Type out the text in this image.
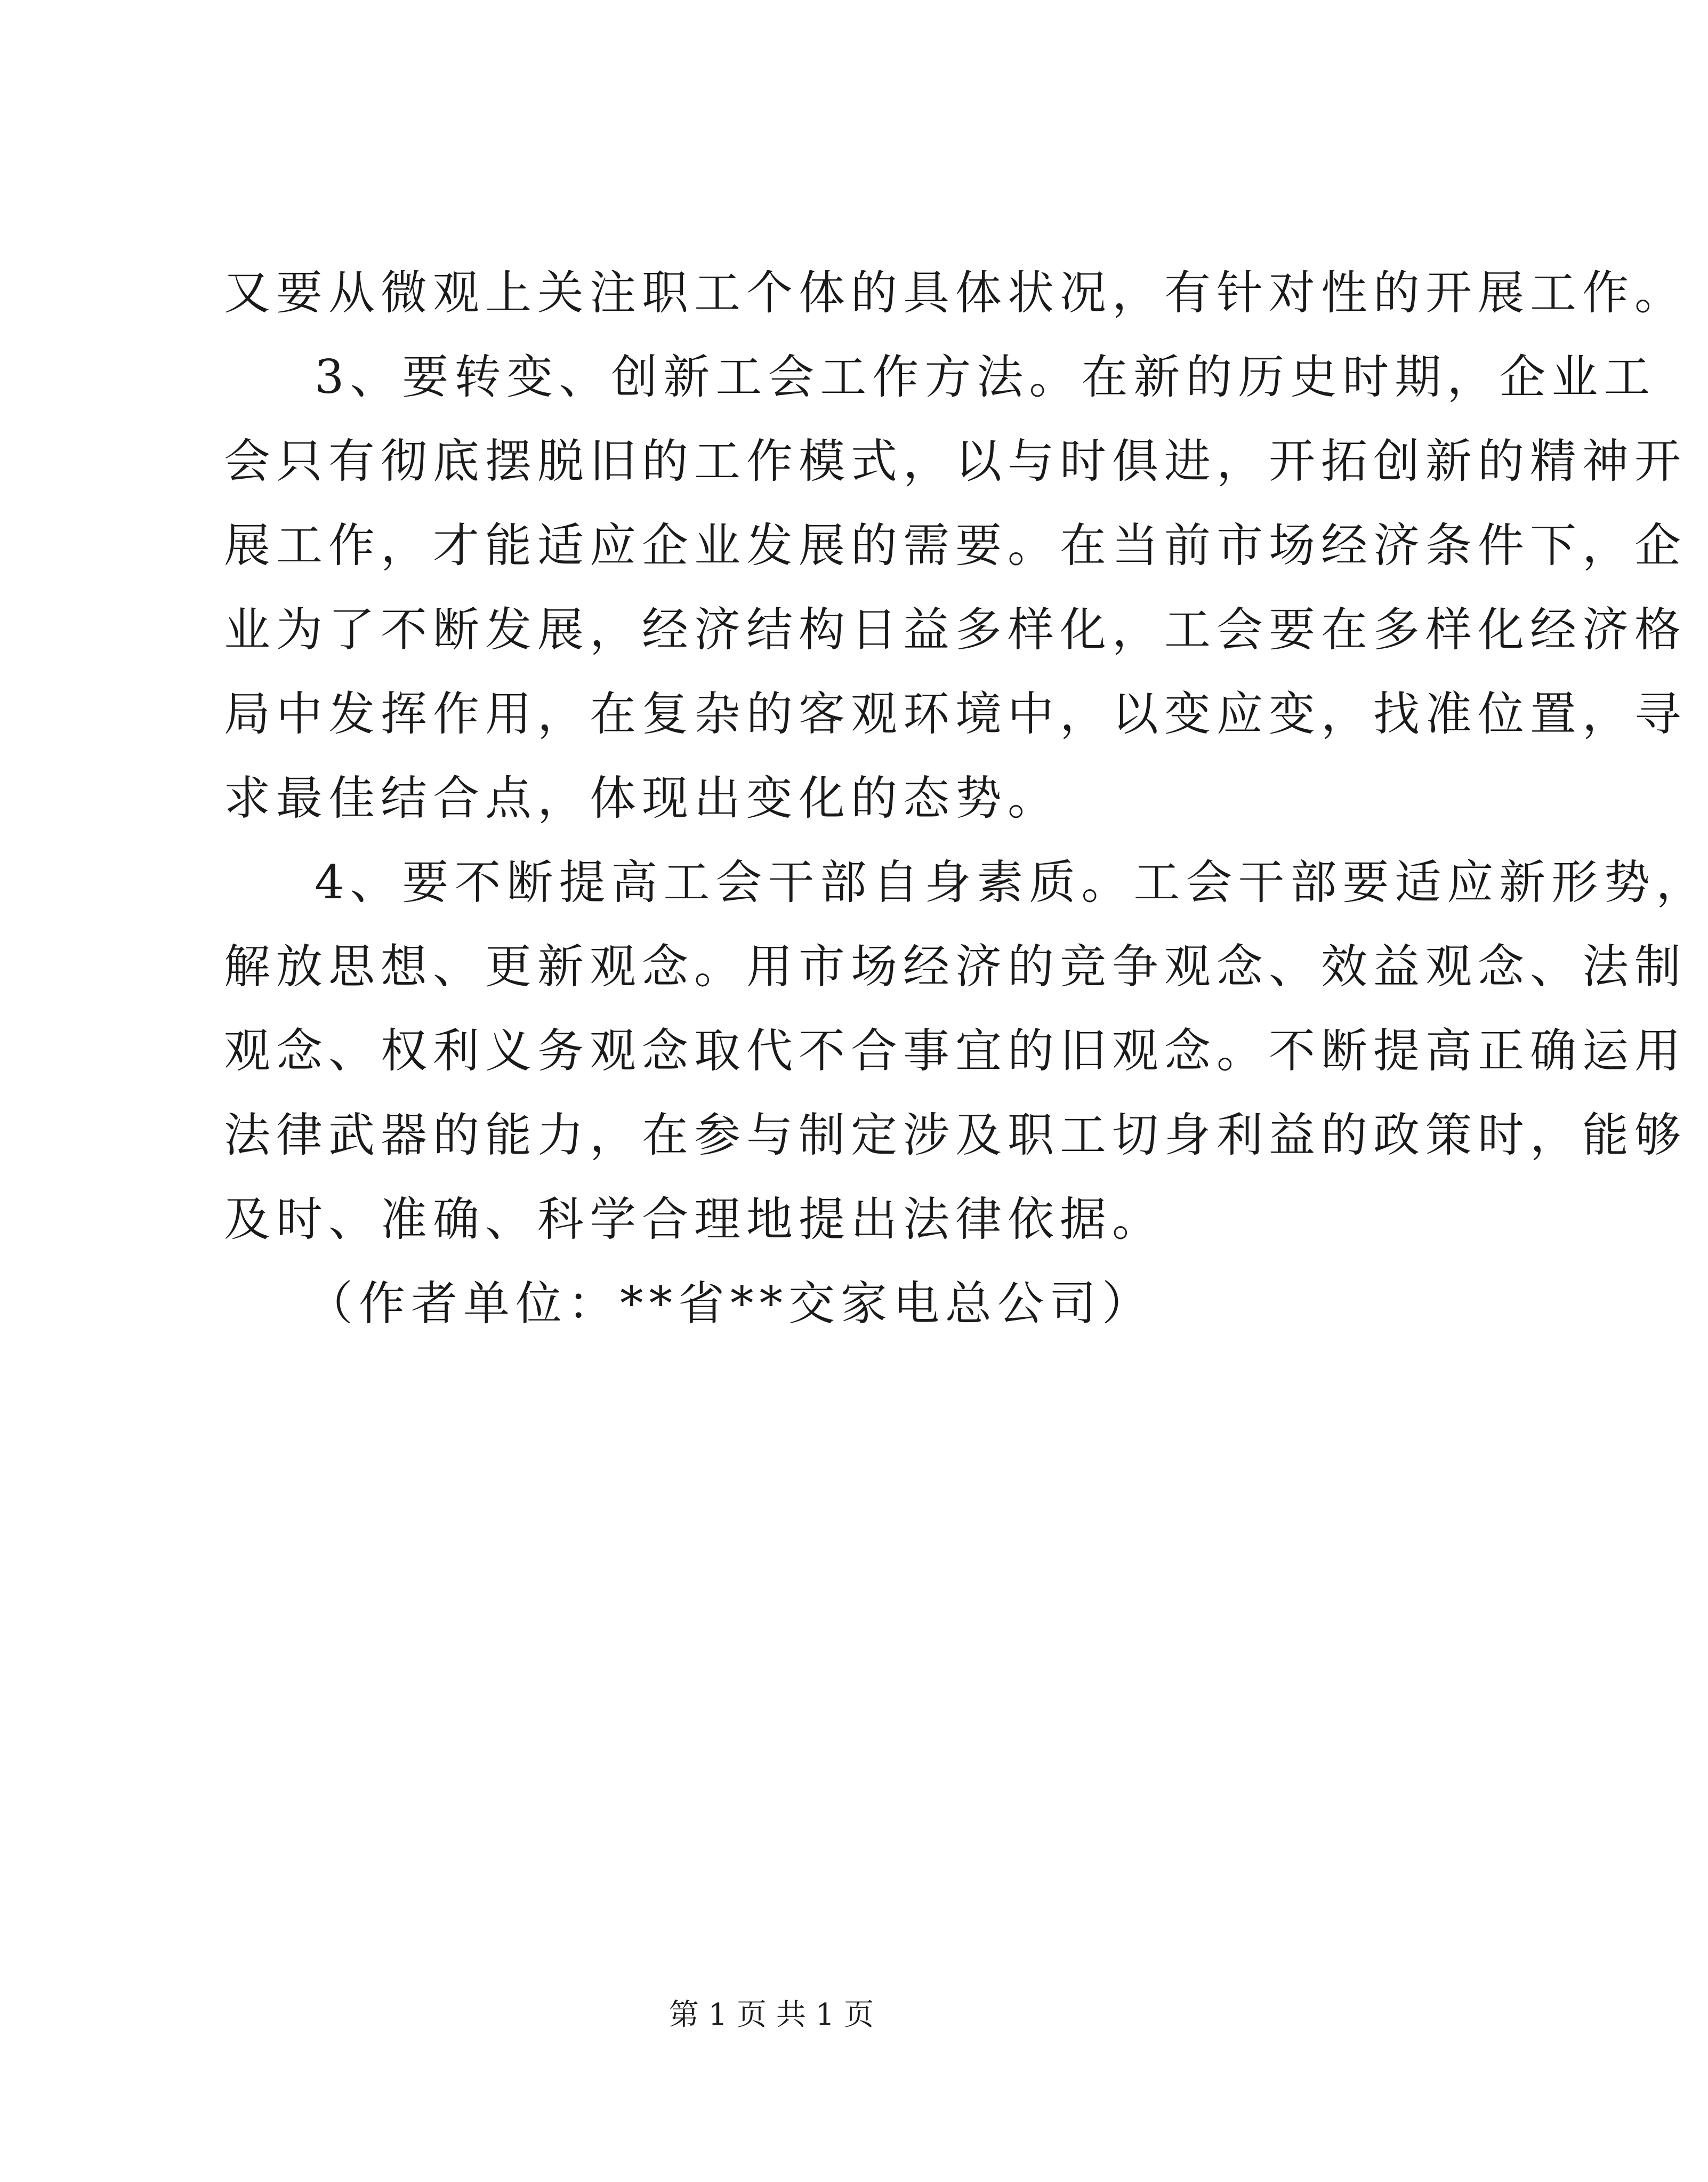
又要从微观上关注职工个体的具体状况，有针对性的开展工作。
3、要转变、创新工会工作方法。在新的历史时期，企业工
会只有彻底摆脱旧的工作模式，以与时俱进，开拓创新的精神开
展工作，才能适应企业发展的需要。在当前市场经济条件下，企
业为了不断发展，经济结构日益多样化，工会要在多样化经济格
局中发挥作用，在复杂的客观环境中，以变应变，找准位置，寻
求最佳结合点，体现出变化的态势。
4、要不断提高工会干部自身素质。工会干部要适应新形势，
解放思想、更新观念。用市场经济的竞争观念、效益观念、法制
观念、权利义务观念取代不合事宜的旧观念。不断提高正确运用
法律武器的能力，在参与制定涉及职工切身利益的政策时，能够
及时、准确、科学合理地提出法律依据。
（作者单位：**省**交家电总公司）
第 1 页 共 1 页
